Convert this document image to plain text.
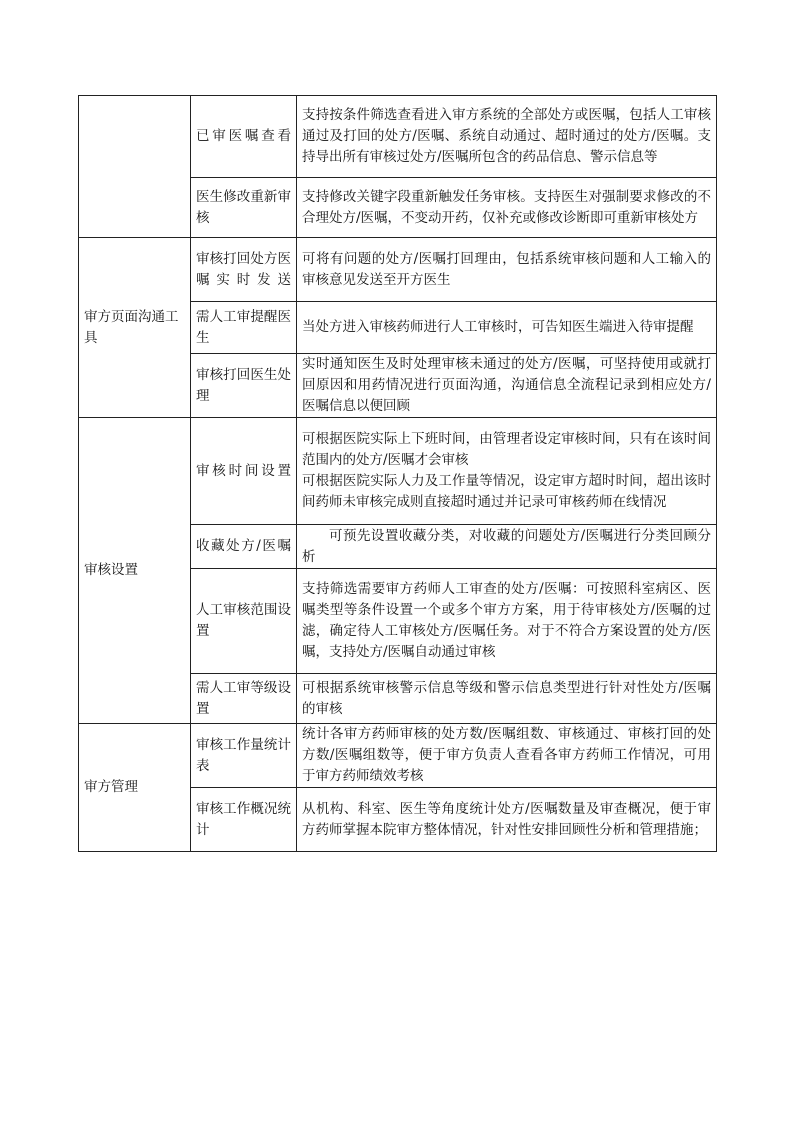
	已审医嘱查看	支持按条件筛选查看进入审方系统的全部处方或医嘱，包括人工审核通过及打回的处方/医嘱、系统自动通过、超时通过的处方/医嘱。支持导出所有审核过处方/医嘱所包含的药品信息、警示信息等

	医生修改重新审核	支持修改关键字段重新触发任务审核。支持医生对强制要求修改的不合理处方/医嘱，不变动开药，仅补充或修改诊断即可重新审核处方

审方页面沟通工具	审核打回处方医嘱实时发送	可将有问题的处方/医嘱打回理由，包括系统审核问题和人工输入的审核意见发送至开方医生

	需人工审提醒医生	当处方进入审核药师进行人工审核时，可告知医生端进入待审提醒

	审核打回医生处理	实时通知医生及时处理审核未通过的处方/医嘱，可坚持使用或就打回原因和用药情况进行页面沟通，沟通信息全流程记录到相应处方/医嘱信息以便回顾

审核设置	审核时间设置	可根据医院实际上下班时间，由管理者设定审核时间，只有在该时间范围内的处方/医嘱才会审核
可根据医院实际人力及工作量等情况，设定审方超时时间，超出该时间药师未审核完成则直接超时通过并记录可审核药师在线情况

	收藏处方/医嘱	可预先设置收藏分类，对收藏的问题处方/医嘱进行分类回顾分析

	人工审核范围设置	支持筛选需要审方药师人工审查的处方/医嘱：可按照科室病区、医嘱类型等条件设置一个或多个审方方案，用于待审核处方/医嘱的过滤，确定待人工审核处方/医嘱任务。对于不符合方案设置的处方/医嘱，支持处方/医嘱自动通过审核

	需人工审等级设置	可根据系统审核警示信息等级和警示信息类型进行针对性处方/医嘱的审核

审方管理	审核工作量统计表	统计各审方药师审核的处方数/医嘱组数、审核通过、审核打回的处方数/医嘱组数等，便于审方负责人查看各审方药师工作情况，可用于审方药师绩效考核

	审核工作概况统计	从机构、科室、医生等角度统计处方/医嘱数量及审查概况，便于审方药师掌握本院审方整体情况，针对性安排回顾性分析和管理措施；
